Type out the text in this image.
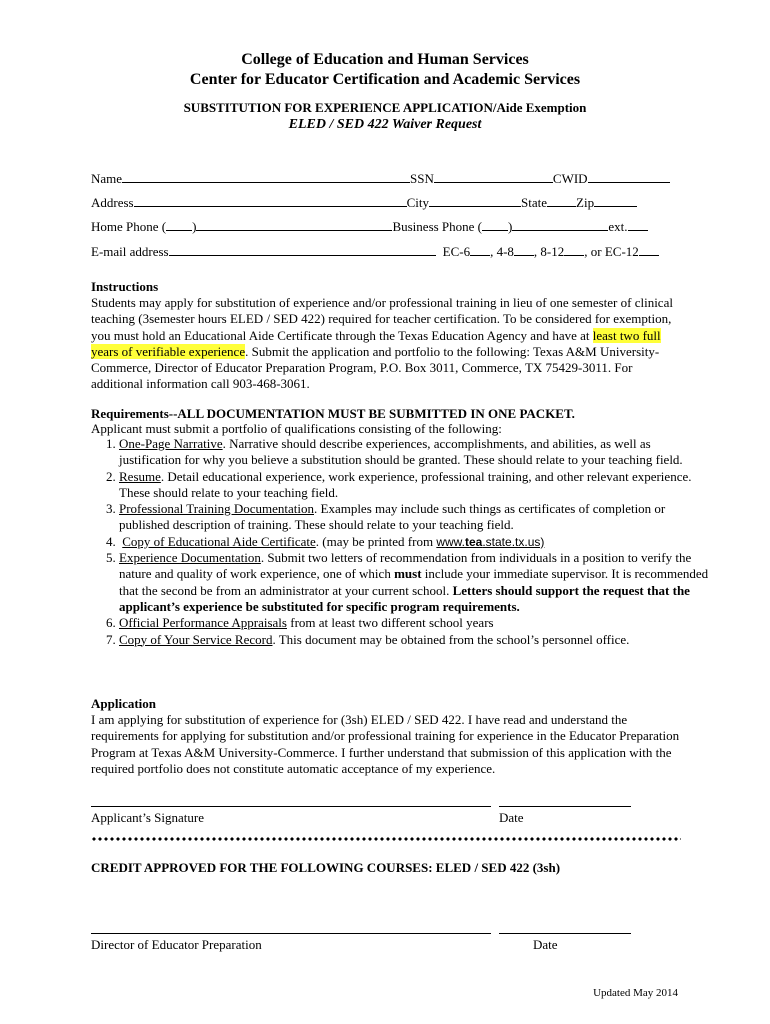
College of Education and Human Services
Center for Educator Certification and Academic Services
SUBSTITUTION FOR EXPERIENCE APPLICATION/Aide Exemption
ELED / SED 422 Waiver Request
Name	SSN	CWID
Address	City	State Zip
Home Phone ( )	Business Phone ( )	ext.
E-mail address	EC-6 , 4-8 , 8-12 , or EC-12
Instructions
Students may apply for substitution of experience and/or professional training in lieu of one semester of clinical teaching (3semester hours ELED / SED 422) required for teacher certification. To be considered for exemption, you must hold an Educational Aide Certificate through the Texas Education Agency and have at least two full years of verifiable experience. Submit the application and portfolio to the following: Texas A&M University-Commerce, Director of Educator Preparation Program, P.O. Box 3011, Commerce, TX 75429-3011. For additional information call 903-468-3061.
Requirements--ALL DOCUMENTATION MUST BE SUBMITTED IN ONE PACKET.
Applicant must submit a portfolio of qualifications consisting of the following:
1. One-Page Narrative. Narrative should describe experiences, accomplishments, and abilities, as well as justification for why you believe a substitution should be granted. These should relate to your teaching field.
2. Resume. Detail educational experience, work experience, professional training, and other relevant experience. These should relate to your teaching field.
3. Professional Training Documentation. Examples may include such things as certificates of completion or published description of training. These should relate to your teaching field.
4. Copy of Educational Aide Certificate. (may be printed from www.tea.state.tx.us)
5. Experience Documentation. Submit two letters of recommendation from individuals in a position to verify the nature and quality of work experience, one of which must include your immediate supervisor. It is recommended that the second be from an administrator at your current school. Letters should support the request that the applicant’s experience be substituted for specific program requirements.
6. Official Performance Appraisals from at least two different school years
7. Copy of Your Service Record. This document may be obtained from the school’s personnel office.
Application
I am applying for substitution of experience for (3sh) ELED / SED 422. I have read and understand the requirements for applying for substitution and/or professional training for experience in the Educator Preparation Program at Texas A&M University-Commerce. I further understand that submission of this application with the required portfolio does not constitute automatic acceptance of my experience.
Applicant’s Signature	Date
CREDIT APPROVED FOR THE FOLLOWING COURSES: ELED / SED 422 (3sh)
Director of Educator Preparation	Date
Updated May 2014
